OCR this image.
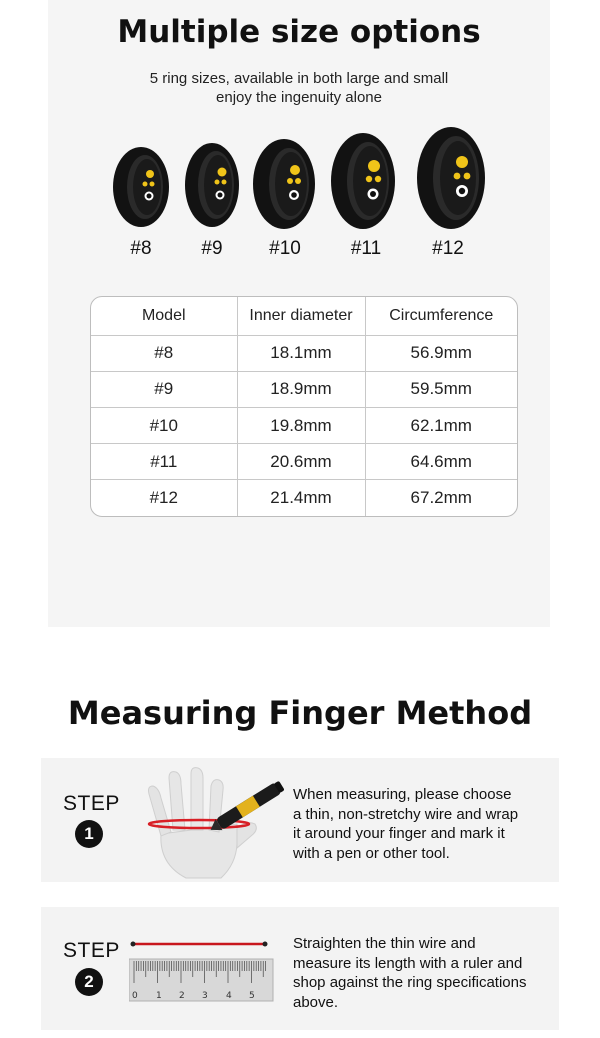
Multiple size options
5 ring sizes, available in both large and small
enjoy the ingenuity alone
#8	#9	#10	#11	#12
Model	Inner diameter	Circumference
#8	18.1mm	56.9mm
#9	18.9mm	59.5mm
#10	19.8mm	62.1mm
#11	20.6mm	64.6mm
#12	21.4mm	67.2mm
Measuring Finger Method
STEP
1
When measuring, please choose
a thin, non-stretchy wire and wrap
it around your finger and mark it
with a pen or other tool.
STEP
2
0 1 2 3 4 5
Straighten the thin wire and
measure its length with a ruler and
shop against the ring specifications
above.
